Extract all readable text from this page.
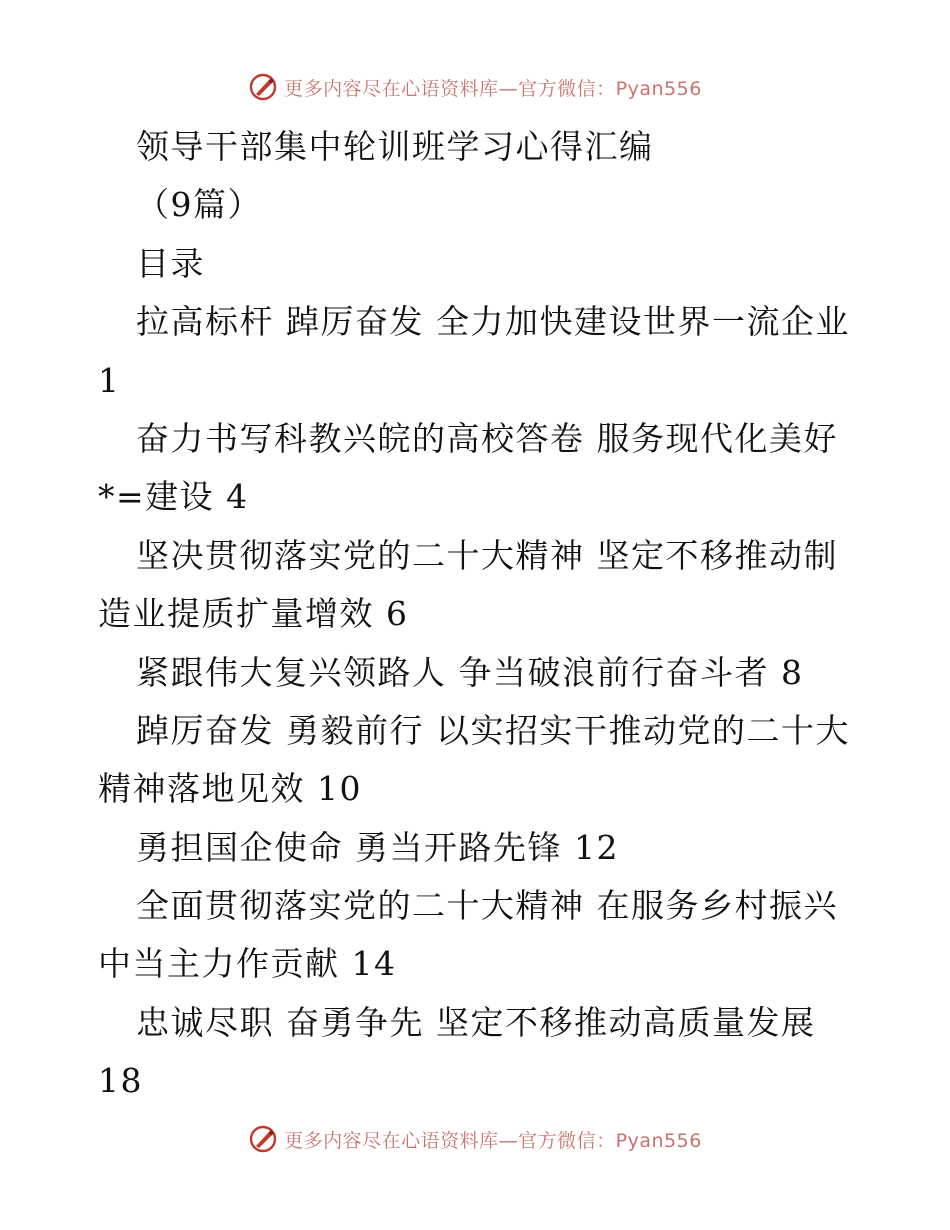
更多内容尽在心语资料库—官方微信：Pyan556
领导干部集中轮训班学习心得汇编
（9篇）
目录
拉高标杆 踔厉奋发 全力加快建设世界一流企业
1
奋力书写科教兴皖的高校答卷 服务现代化美好
*=建设 4
坚决贯彻落实党的二十大精神 坚定不移推动制
造业提质扩量增效 6
紧跟伟大复兴领路人 争当破浪前行奋斗者 8
踔厉奋发 勇毅前行 以实招实干推动党的二十大
精神落地见效 10
勇担国企使命 勇当开路先锋 12
全面贯彻落实党的二十大精神 在服务乡村振兴
中当主力作贡献 14
忠诚尽职 奋勇争先 坚定不移推动高质量发展
18
更多内容尽在心语资料库—官方微信：Pyan556
